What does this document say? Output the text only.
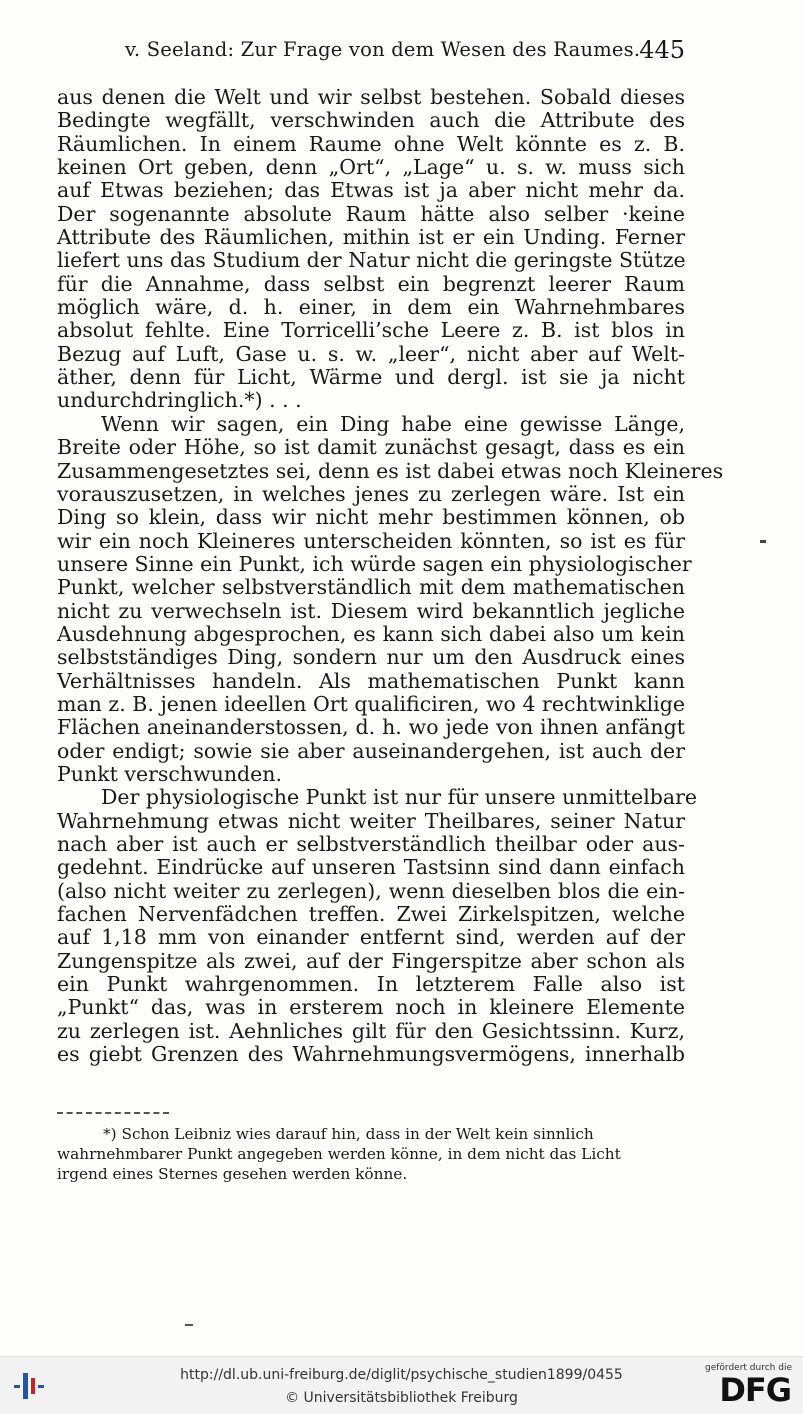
v. Seeland: Zur Frage von dem Wesen des Raumes.
445

aus denen die Welt und wir selbst bestehen. Sobald dieses
Bedingte wegfällt, verschwinden auch die Attribute des
Räumlichen. In einem Raume ohne Welt könnte es z. B.
keinen Ort geben, denn „Ort“, „Lage“ u. s. w. muss sich
auf Etwas beziehen; das Etwas ist ja aber nicht mehr da.
Der sogenannte absolute Raum hätte also selber ·keine
Attribute des Räumlichen, mithin ist er ein Unding. Ferner
liefert uns das Studium der Natur nicht die geringste Stütze
für die Annahme, dass selbst ein begrenzt leerer Raum
möglich wäre, d. h. einer, in dem ein Wahrnehmbares
absolut fehlte. Eine Torricelli’sche Leere z. B. ist blos in
Bezug auf Luft, Gase u. s. w. „leer“, nicht aber auf Welt-
äther, denn für Licht, Wärme und dergl. ist sie ja nicht
undurchdringlich.*) . . .

Wenn wir sagen, ein Ding habe eine gewisse Länge,
Breite oder Höhe, so ist damit zunächst gesagt, dass es ein
Zusammengesetztes sei, denn es ist dabei etwas noch Kleineres
vorauszusetzen, in welches jenes zu zerlegen wäre. Ist ein
Ding so klein, dass wir nicht mehr bestimmen können, ob
wir ein noch Kleineres unterscheiden könnten, so ist es für
unsere Sinne ein Punkt, ich würde sagen ein physiologischer
Punkt, welcher selbstverständlich mit dem mathematischen
nicht zu verwechseln ist. Diesem wird bekanntlich jegliche
Ausdehnung abgesprochen, es kann sich dabei also um kein
selbstständiges Ding, sondern nur um den Ausdruck eines
Verhältnisses handeln. Als mathematischen Punkt kann
man z. B. jenen ideellen Ort qualificiren, wo 4 rechtwinklige
Flächen aneinanderstossen, d. h. wo jede von ihnen anfängt
oder endigt; sowie sie aber auseinandergehen, ist auch der
Punkt verschwunden.

Der physiologische Punkt ist nur für unsere unmittelbare
Wahrnehmung etwas nicht weiter Theilbares, seiner Natur
nach aber ist auch er selbstverständlich theilbar oder aus-
gedehnt. Eindrücke auf unseren Tastsinn sind dann einfach
(also nicht weiter zu zerlegen), wenn dieselben blos die ein-
fachen Nervenfädchen treffen. Zwei Zirkelspitzen, welche
auf 1,18 mm von einander entfernt sind, werden auf der
Zungenspitze als zwei, auf der Fingerspitze aber schon als
ein Punkt wahrgenommen. In letzterem Falle also ist
„Punkt“ das, was in ersterem noch in kleinere Elemente
zu zerlegen ist. Aehnliches gilt für den Gesichtssinn. Kurz,
es giebt Grenzen des Wahrnehmungsvermögens, innerhalb

*) Schon Leibniz wies darauf hin, dass in der Welt kein sinnlich
wahrnehmbarer Punkt angegeben werden könne, in dem nicht das Licht
irgend eines Sternes gesehen werden könne.
http://dl.ub.uni-freiburg.de/diglit/psychische_studien1899/0455
© Universitätsbibliothek Freiburg
gefördert durch die
DFG
